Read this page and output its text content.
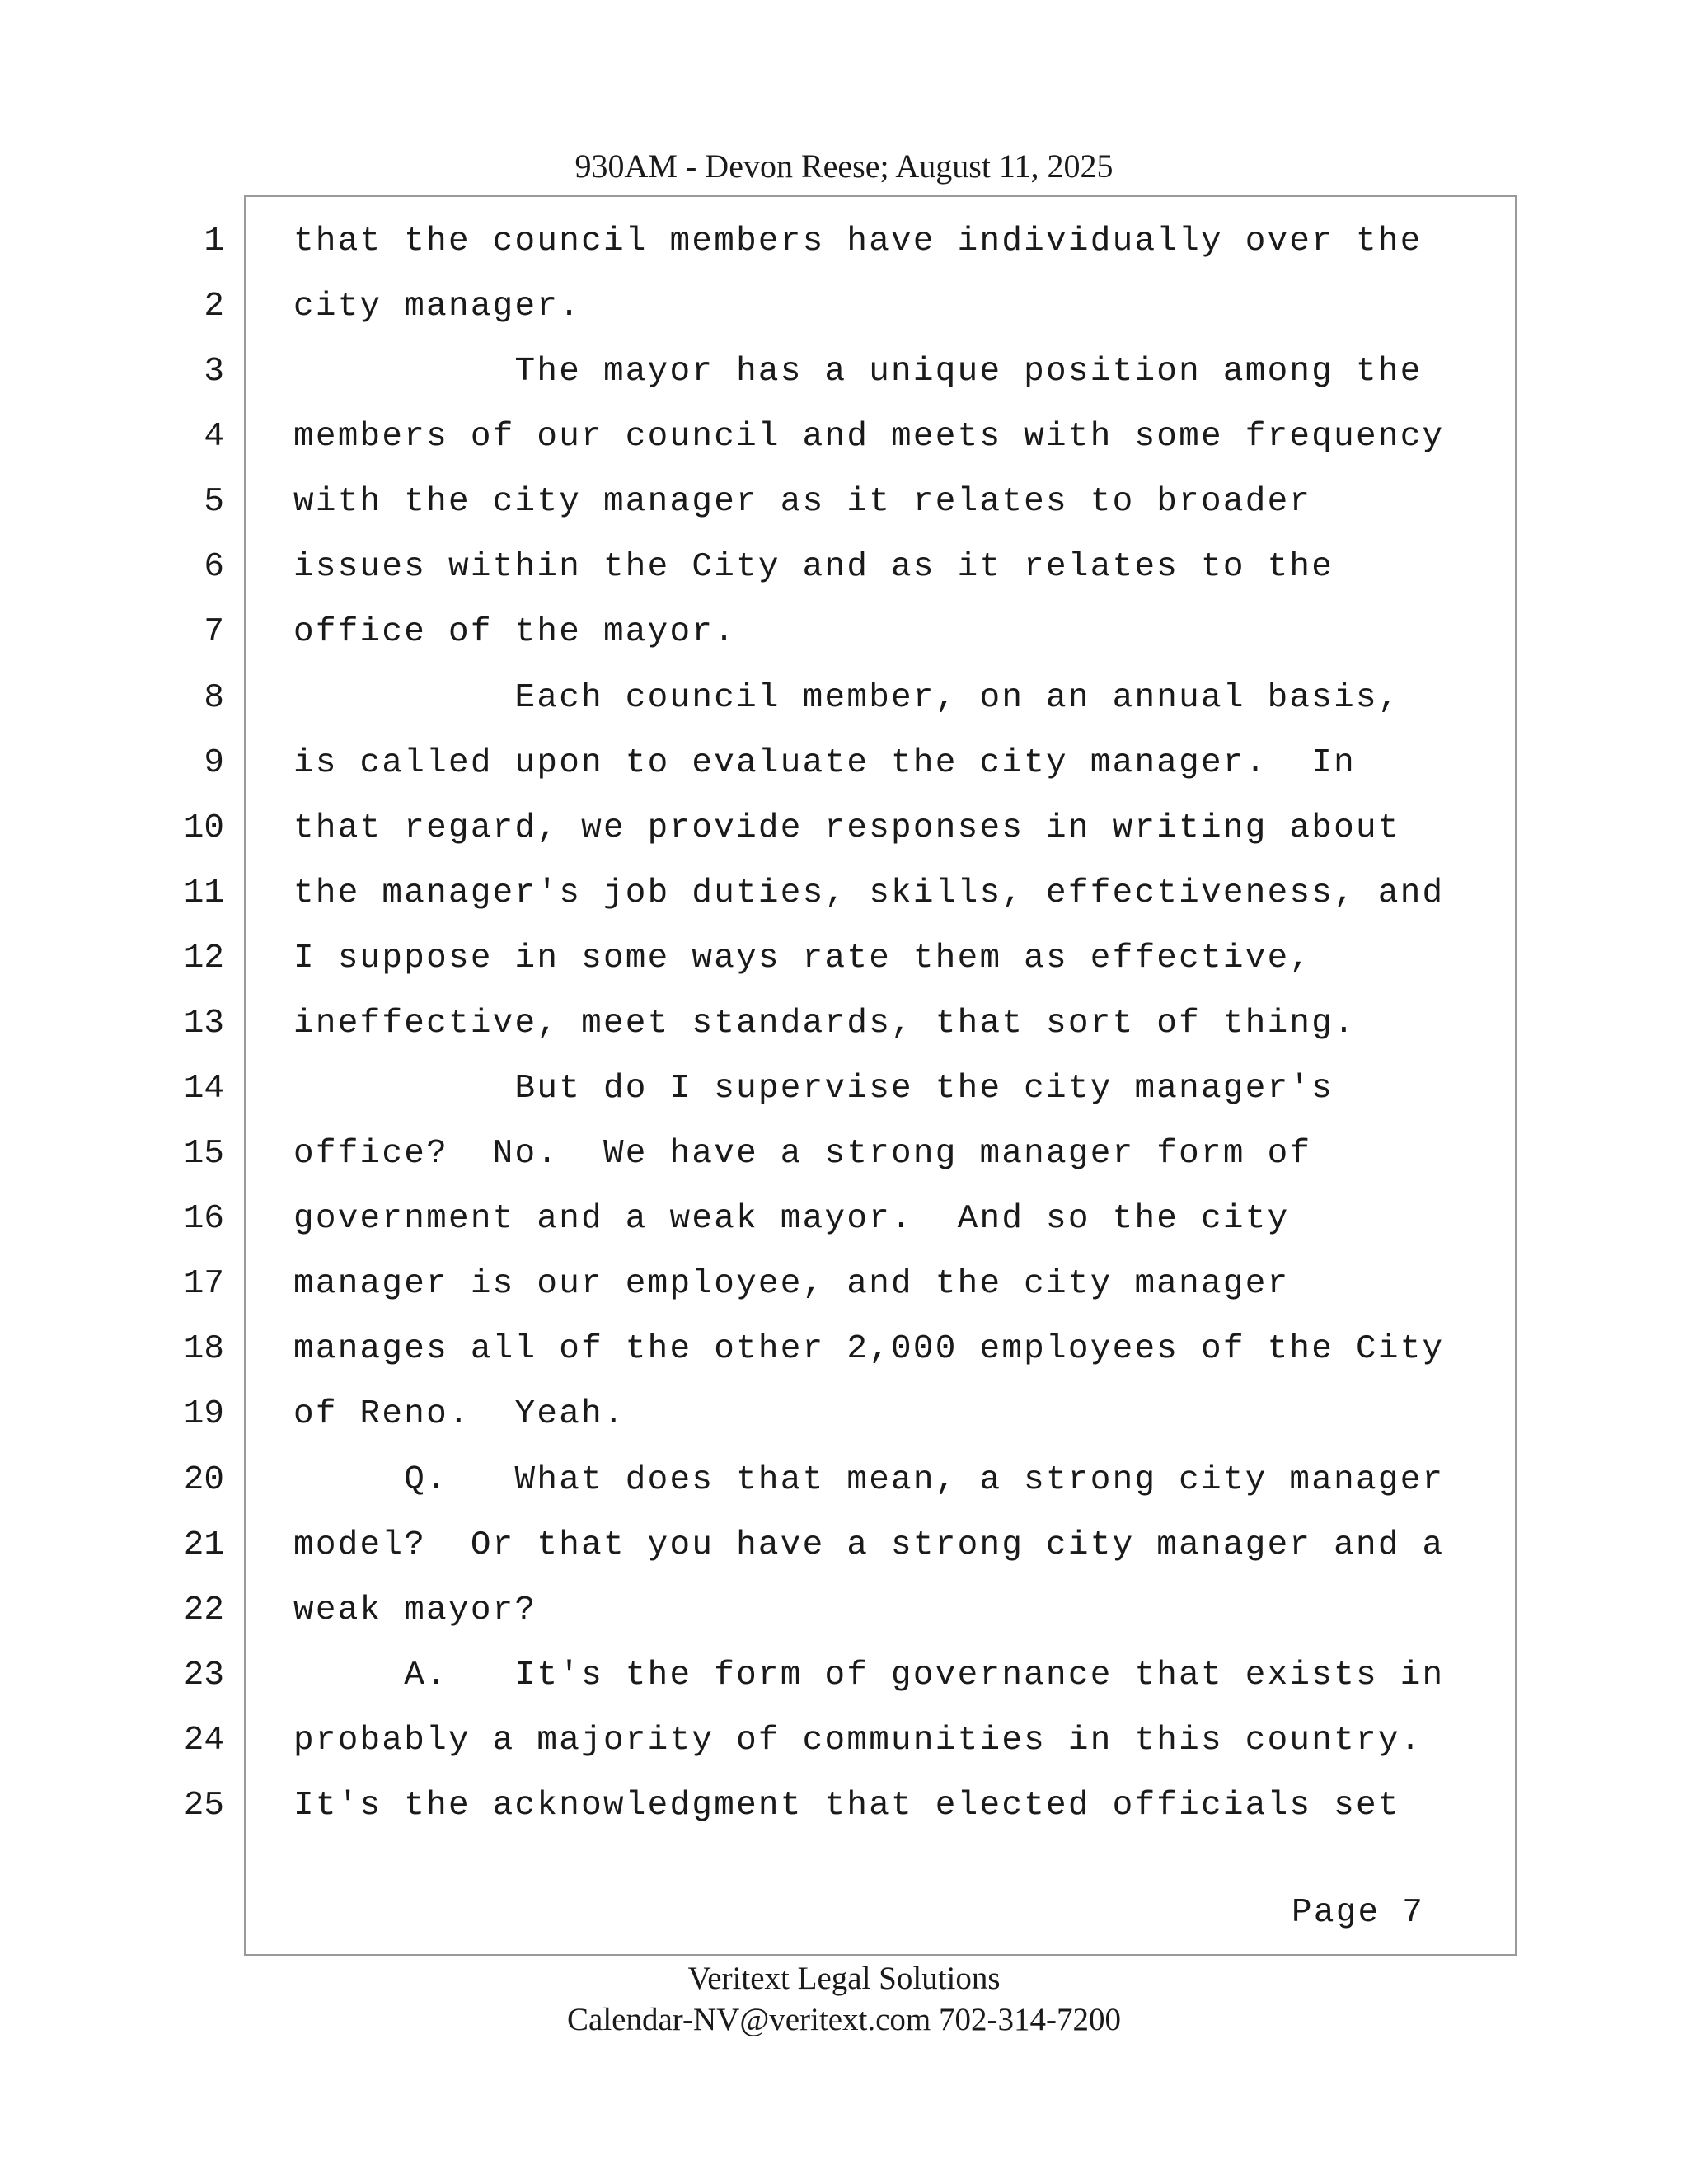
930AM - Devon Reese; August 11, 2025
1 that the council members have individually over the
2 city manager.
3 The mayor has a unique position among the
4 members of our council and meets with some frequency
5 with the city manager as it relates to broader
6 issues within the City and as it relates to the
7 office of the mayor.
8 Each council member, on an annual basis,
9 is called upon to evaluate the city manager.  In
10 that regard, we provide responses in writing about
11 the manager's job duties, skills, effectiveness, and
12 I suppose in some ways rate them as effective,
13 ineffective, meet standards, that sort of thing.
14 But do I supervise the city manager's
15 office?  No.  We have a strong manager form of
16 government and a weak mayor.  And so the city
17 manager is our employee, and the city manager
18 manages all of the other 2,000 employees of the City
19 of Reno.  Yeah.
20 Q.   What does that mean, a strong city manager
21 model?  Or that you have a strong city manager and a
22 weak mayor?
23 A.   It's the form of governance that exists in
24 probably a majority of communities in this country.
25 It's the acknowledgment that elected officials set
Page 7
Veritext Legal Solutions
Calendar-NV@veritext.com 702-314-7200
